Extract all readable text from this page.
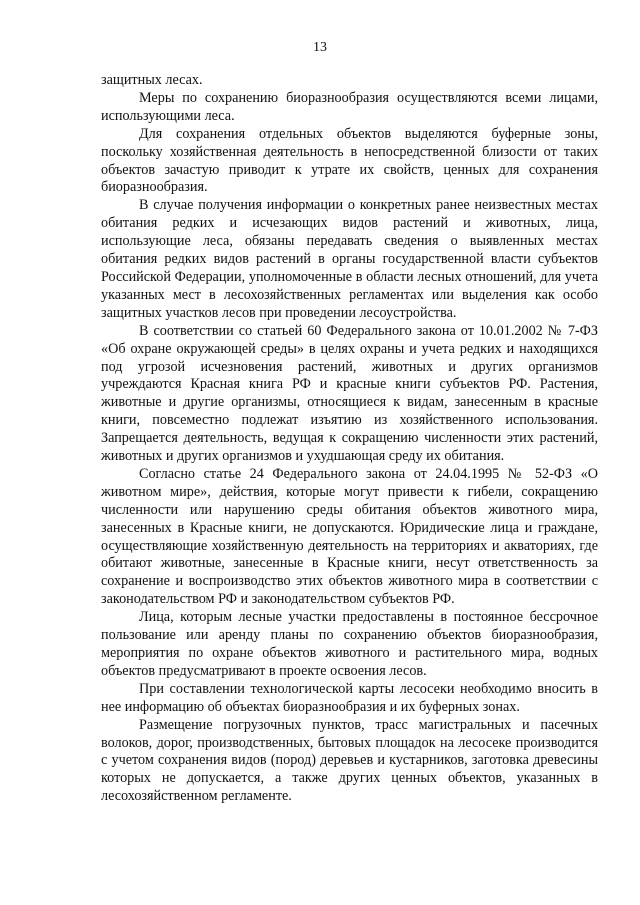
13

защитных лесах.

Меры по сохранению биоразнообразия осуществляются всеми лицами, использующими леса.

Для сохранения отдельных объектов выделяются буферные зоны, поскольку хозяйственная деятельность в непосредственной близости от таких объектов зачастую приводит к утрате их свойств, ценных для сохранения биоразнообразия.

В случае получения информации о конкретных ранее неизвестных местах обитания редких и исчезающих видов растений и животных, лица, использующие леса, обязаны передавать сведения о выявленных местах обитания редких видов растений в органы государственной власти субъектов Российской Федерации, уполномоченные в области лесных отношений, для учета указанных мест в лесохозяйственных регламентах или выделения как особо защитных участков лесов при проведении лесоустройства.

В соответствии со статьей 60 Федерального закона от 10.01.2002 № 7-ФЗ «Об охране окружающей среды» в целях охраны и учета редких и находящихся под угрозой исчезновения растений, животных и других организмов учреждаются Красная книга РФ и красные книги субъектов РФ. Растения, животные и другие организмы, относящиеся к видам, занесенным в красные книги, повсеместно подлежат изъятию из хозяйственного использования. Запрещается деятельность, ведущая к сокращению численности этих растений, животных и других организмов и ухудшающая среду их обитания.

Согласно статье 24 Федерального закона от 24.04.1995 № 52-ФЗ «О животном мире», действия, которые могут привести к гибели, сокращению численности или нарушению среды обитания объектов животного мира, занесенных в Красные книги, не допускаются. Юридические лица и граждане, осуществляющие хозяйственную деятельность на территориях и акваториях, где обитают животные, занесенные в Красные книги, несут ответственность за сохранение и воспроизводство этих объектов животного мира в соответствии с законодательством РФ и законодательством субъектов РФ.

Лица, которым лесные участки предоставлены в постоянное бессрочное пользование или аренду планы по сохранению объектов биоразнообразия, мероприятия по охране объектов животного и растительного мира, водных объектов предусматривают в проекте освоения лесов.

При составлении технологической карты лесосеки необходимо вносить в нее информацию об объектах биоразнообразия и их буферных зонах.

Размещение погрузочных пунктов, трасс магистральных и пасечных волоков, дорог, производственных, бытовых площадок на лесосеке производится с учетом сохранения видов (пород) деревьев и кустарников, заготовка древесины которых не допускается, а также других ценных объектов, указанных в лесохозяйственном регламенте.
